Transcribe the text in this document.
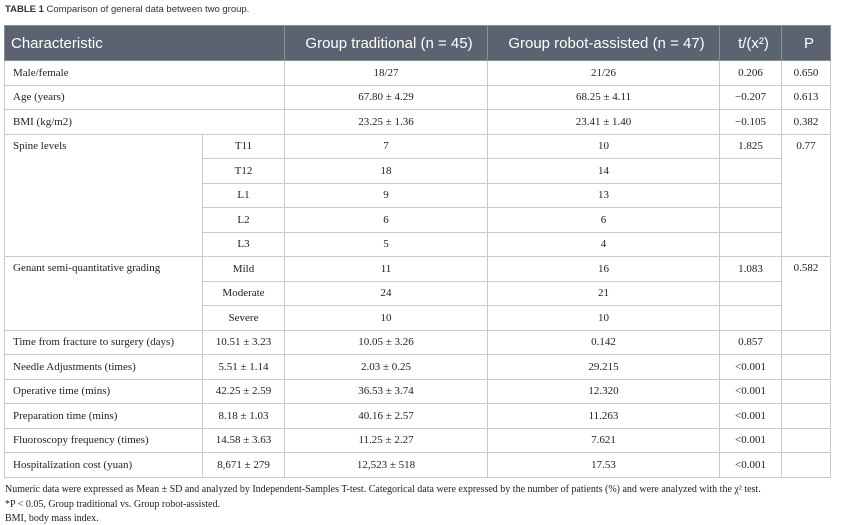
TABLE 1 Comparison of general data between two group.
Characteristic		Group traditional (n = 45)	Group robot-assisted (n = 47)	t/(x²)	P
Male/female		18/27	21/26	0.206	0.650
Age (years)		67.80 ± 4.29	68.25 ± 4.11	−0.207	0.613
BMI (kg/m2)		23.25 ± 1.36	23.41 ± 1.40	−0.105	0.382
Spine levels	T11	7	10	1.825	0.77
	T12	18	14		
	L1	9	13		
	L2	6	6		
	L3	5	4		
Genant semi-quantitative grading	Mild	11	16	1.083	0.582
	Moderate	24	21		
	Severe	10	10		
Time from fracture to surgery (days)	10.51 ± 3.23	10.05 ± 3.26	0.142	0.857	
Needle Adjustments (times)	5.51 ± 1.14	2.03 ± 0.25	29.215	<0.001	
Operative time (mins)	42.25 ± 2.59	36.53 ± 3.74	12.320	<0.001	
Preparation time (mins)	8.18 ± 1.03	40.16 ± 2.57	11.263	<0.001	
Fluoroscopy frequency (times)	14.58 ± 3.63	11.25 ± 2.27	7.621	<0.001	
Hospitalization cost (yuan)	8,671 ± 279	12,523 ± 518	17.53	<0.001	
Numeric data were expressed as Mean ± SD and analyzed by Independent-Samples T-test. Categorical data were expressed by the number of patients (%) and were analyzed with the χ² test.
*P < 0.05, Group traditional vs. Group robot-assisted.
BMI, body mass index.
